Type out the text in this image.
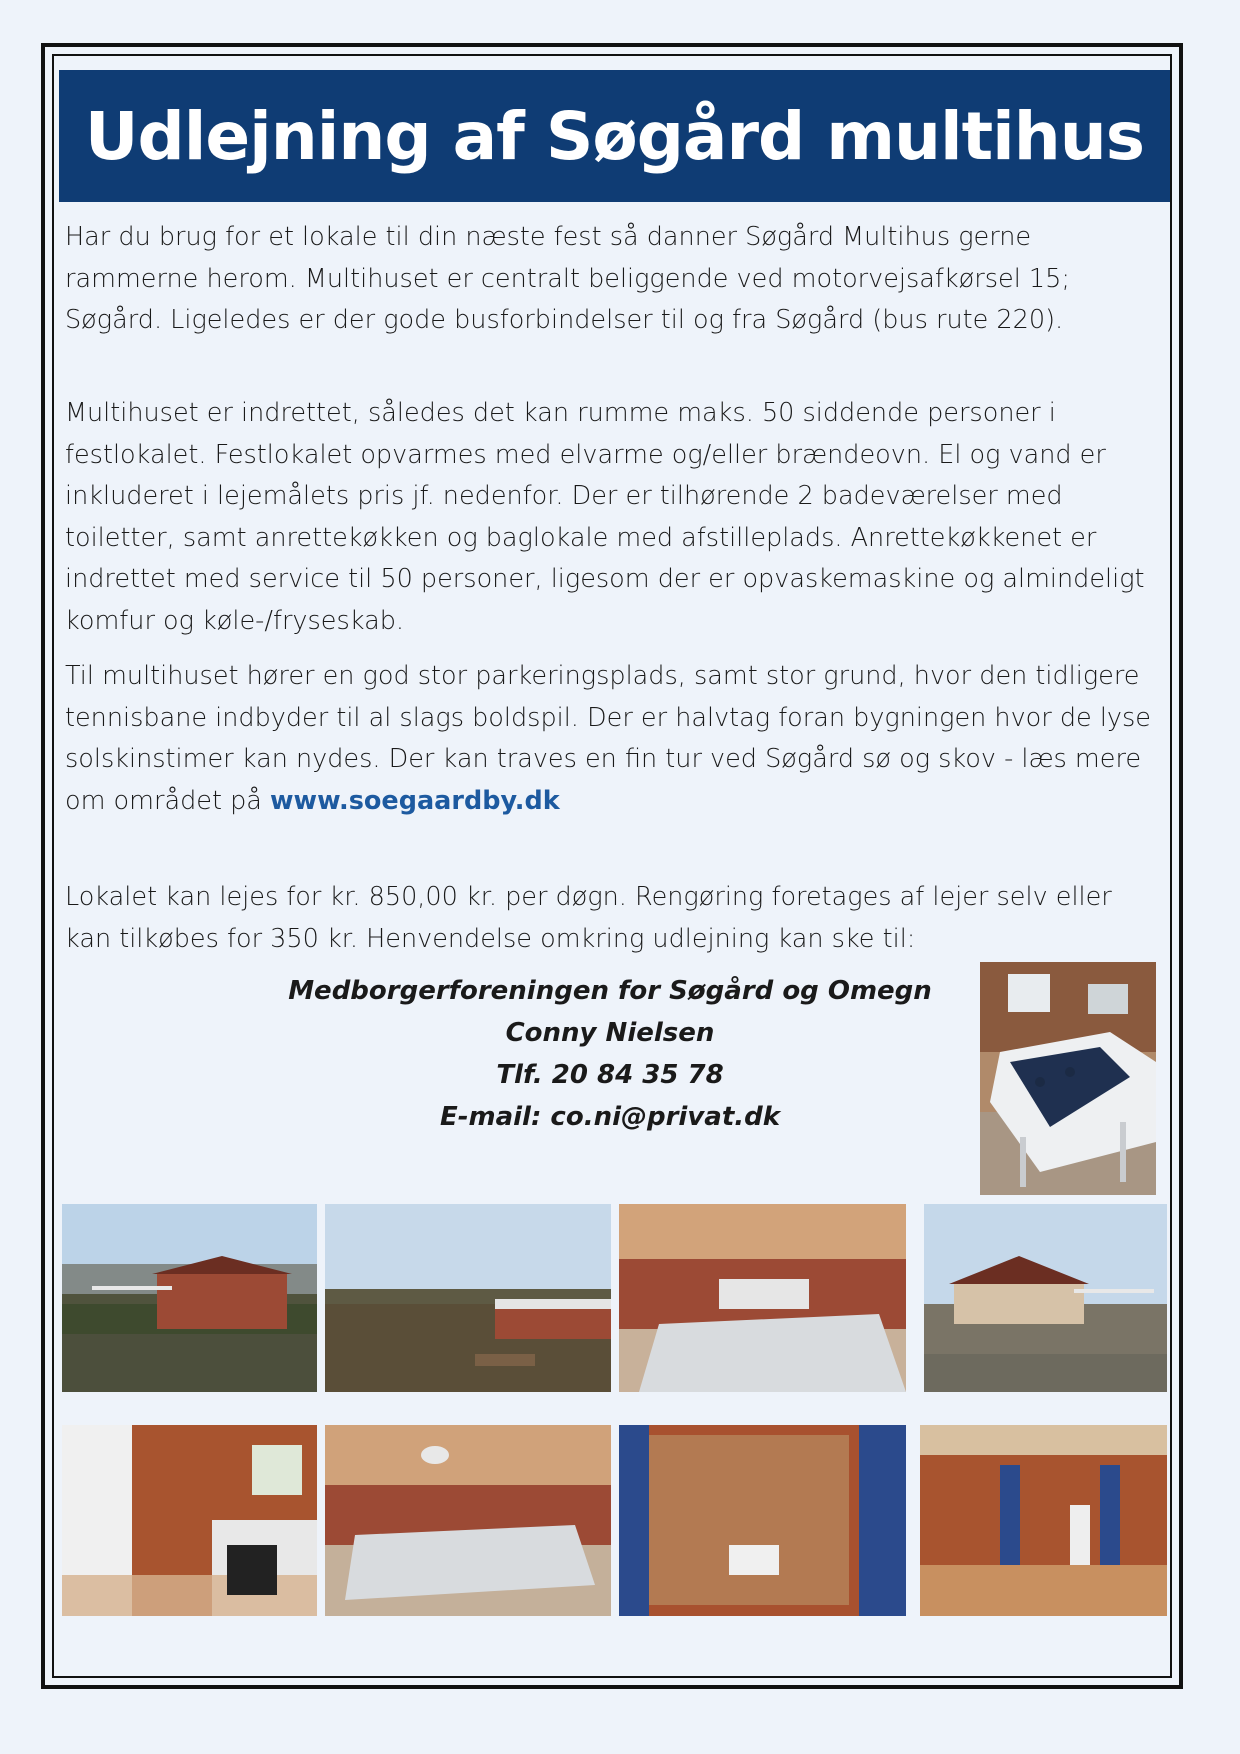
Udlejning af Søgård multihus

Har du brug for et lokale til din næste fest så danner Søgård Multihus gerne rammerne herom. Multihuset er centralt beliggende ved motorvejsafkørsel 15; Søgård. Ligeledes er der gode busforbindelser til og fra Søgård (bus rute 220).

Multihuset er indrettet, således det kan rumme maks. 50 siddende personer i festlokalet. Festlokalet opvarmes med elvarme og/eller brændeovn. El og vand er inkluderet i lejemålets pris jf. nedenfor. Der er tilhørende 2 badeværelser med toiletter, samt anrettekøkken og baglokale med afstilleplads. Anrettekøkkenet er indrettet med service til 50 personer, ligesom der er opvaskemaskine og almindeligt komfur og køle-/fryseskab.

Til multihuset hører en god stor parkeringsplads, samt stor grund, hvor den tidligere tennisbane indbyder til al slags boldspil. Der er halvtag foran bygningen hvor de lyse solskinstimer kan nydes. Der kan traves en fin tur ved Søgård sø og skov - læs mere om området på www.soegaardby.dk

Lokalet kan lejes for kr. 850,00 kr. per døgn. Rengøring foretages af lejer selv eller kan tilkøbes for 350 kr. Henvendelse omkring udlejning kan ske til:

Medborgerforeningen for Søgård og Omegn
Conny Nielsen
Tlf. 20 84 35 78
E-mail: co.ni@privat.dk
